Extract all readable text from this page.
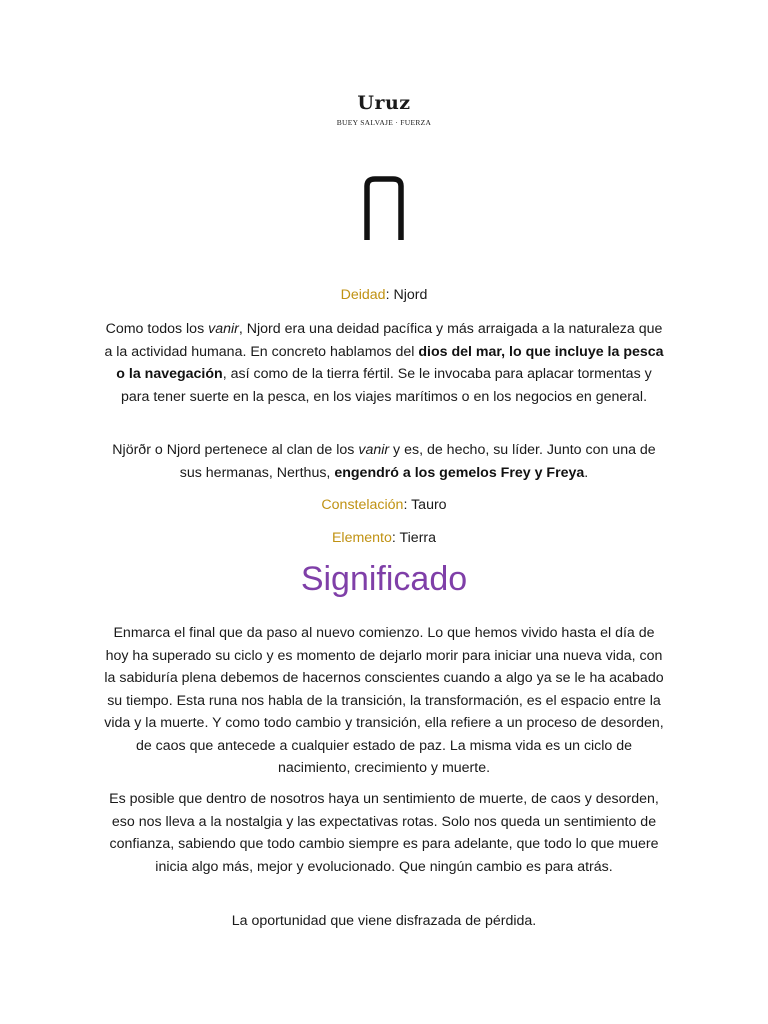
Uruz
BUEY SALVAJE · FUERZA

Deidad: Njord

Como todos los vanir, Njord era una deidad pacífica y más arraigada a la naturaleza que a la actividad humana. En concreto hablamos del dios del mar, lo que incluye la pesca o la navegación, así como de la tierra fértil. Se le invocaba para aplacar tormentas y para tener suerte en la pesca, en los viajes marítimos o en los negocios en general.

Njörðr o Njord pertenece al clan de los vanir y es, de hecho, su líder. Junto con una de sus hermanas, Nerthus, engendró a los gemelos Frey y Freya.

Constelación: Tauro

Elemento: Tierra

Significado

Enmarca el final que da paso al nuevo comienzo. Lo que hemos vivido hasta el día de hoy ha superado su ciclo y es momento de dejarlo morir para iniciar una nueva vida, con la sabiduría plena debemos de hacernos conscientes cuando a algo ya se le ha acabado su tiempo. Esta runa nos habla de la transición, la transformación, es el espacio entre la vida y la muerte. Y como todo cambio y transición, ella refiere a un proceso de desorden, de caos que antecede a cualquier estado de paz. La misma vida es un ciclo de nacimiento, crecimiento y muerte.

Es posible que dentro de nosotros haya un sentimiento de muerte, de caos y desorden, eso nos lleva a la nostalgia y las expectativas rotas. Solo nos queda un sentimiento de confianza, sabiendo que todo cambio siempre es para adelante, que todo lo que muere inicia algo más, mejor y evolucionado. Que ningún cambio es para atrás.

La oportunidad que viene disfrazada de pérdida.
